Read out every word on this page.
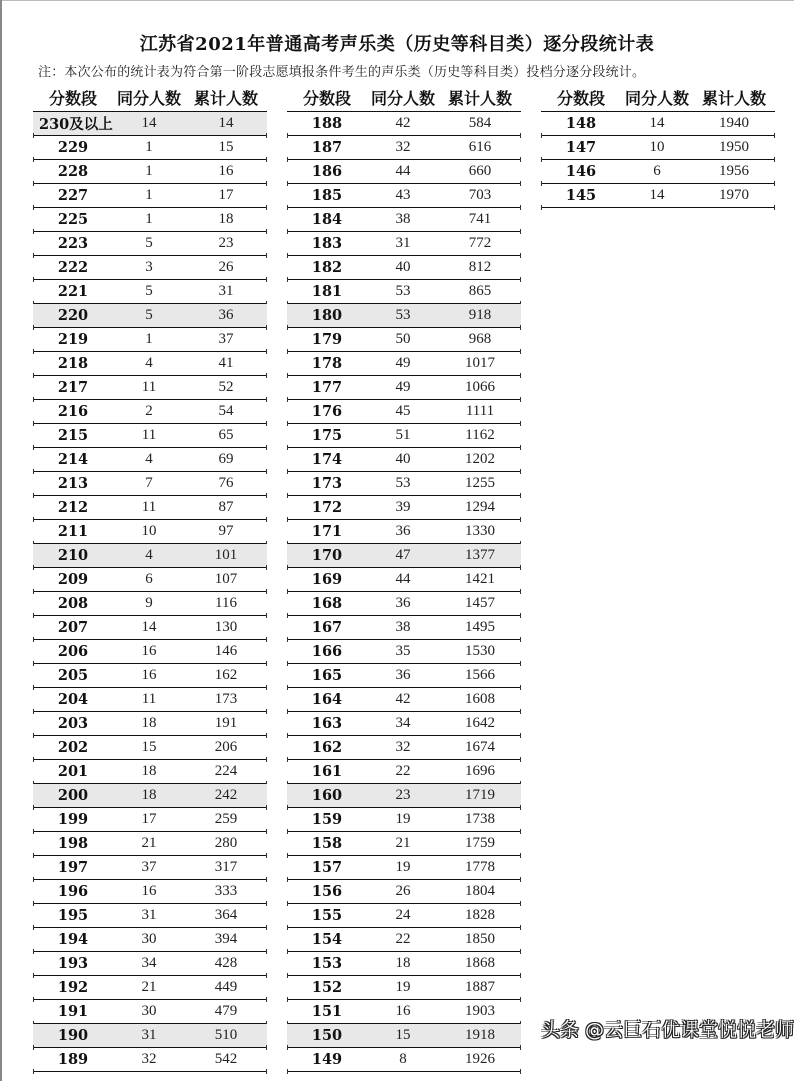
江苏省2021年普通高考声乐类（历史等科目类）逐分段统计表
注：本次公布的统计表为符合第一阶段志愿填报条件考生的声乐类（历史等科目类）投档分逐分段统计。
分数段	同分人数 累计人数
230及以上	14	14
229	1	15
228	1	16
227	1	17
225	1	18
223	5	23
222	3	26
221	5	31
220	5	36
219	1	37
218	4	41
217	11	52
216	2	54
215	11	65
214	4	69
213	7	76
212	11	87
211	10	97
210	4	101
209	6	107
208	9	116
207	14	130
206	16	146
205	16	162
204	11	173
203	18	191
202	15	206
201	18	224
200	18	242
199	17	259
198	21	280
197	37	317
196	16	333
195	31	364
194	30	394
193	34	428
192	21	449
191	30	479
190	31	510
189	32	542
分数段	同分人数 累计人数
188	42	584
187	32	616
186	44	660
185	43	703
184	38	741
183	31	772
182	40	812
181	53	865
180	53	918
179	50	968
178	49	1017
177	49	1066
176	45	1111
175	51	1162
174	40	1202
173	53	1255
172	39	1294
171	36	1330
170	47	1377
169	44	1421
168	36	1457
167	38	1495
166	35	1530
165	36	1566
164	42	1608
163	34	1642
162	32	1674
161	22	1696
160	23	1719
159	19	1738
158	21	1759
157	19	1778
156	26	1804
155	24	1828
154	22	1850
153	18	1868
152	19	1887
151	16	1903
150	15	1918
149	8	1926
分数段	同分人数 累计人数
148	14	1940
147	10	1950
146	6	1956
145	14	1970
头条 @云巨石优课堂悦悦老师
